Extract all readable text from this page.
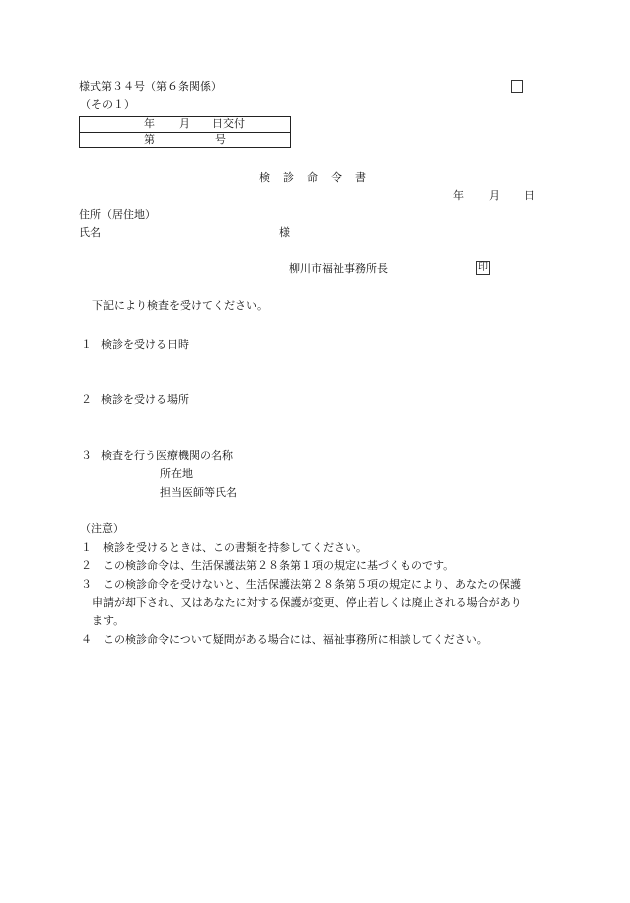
様式第３４号（第６条関係）
（その１）
年 月 日交付
第	号
検診命令書
年 月 日
住所（居住地）
氏名	様
柳川市福祉事務所長	印
下記により検査を受けてください。
１ 検診を受ける日時
２ 検診を受ける場所
３ 検査を行う医療機関の名称
所在地
担当医師等氏名
（注意）
１　検診を受けるときは、この書類を持参してください。
２　この検診命令は、生活保護法第２８条第１項の規定に基づくものです。
３　この検診命令を受けないと、生活保護法第２８条第５項の規定により、あなたの保護
申請が却下され、又はあなたに対する保護が変更、停止若しくは廃止される場合があり
ます。
４　この検診命令について疑問がある場合には、福祉事務所に相談してください。
